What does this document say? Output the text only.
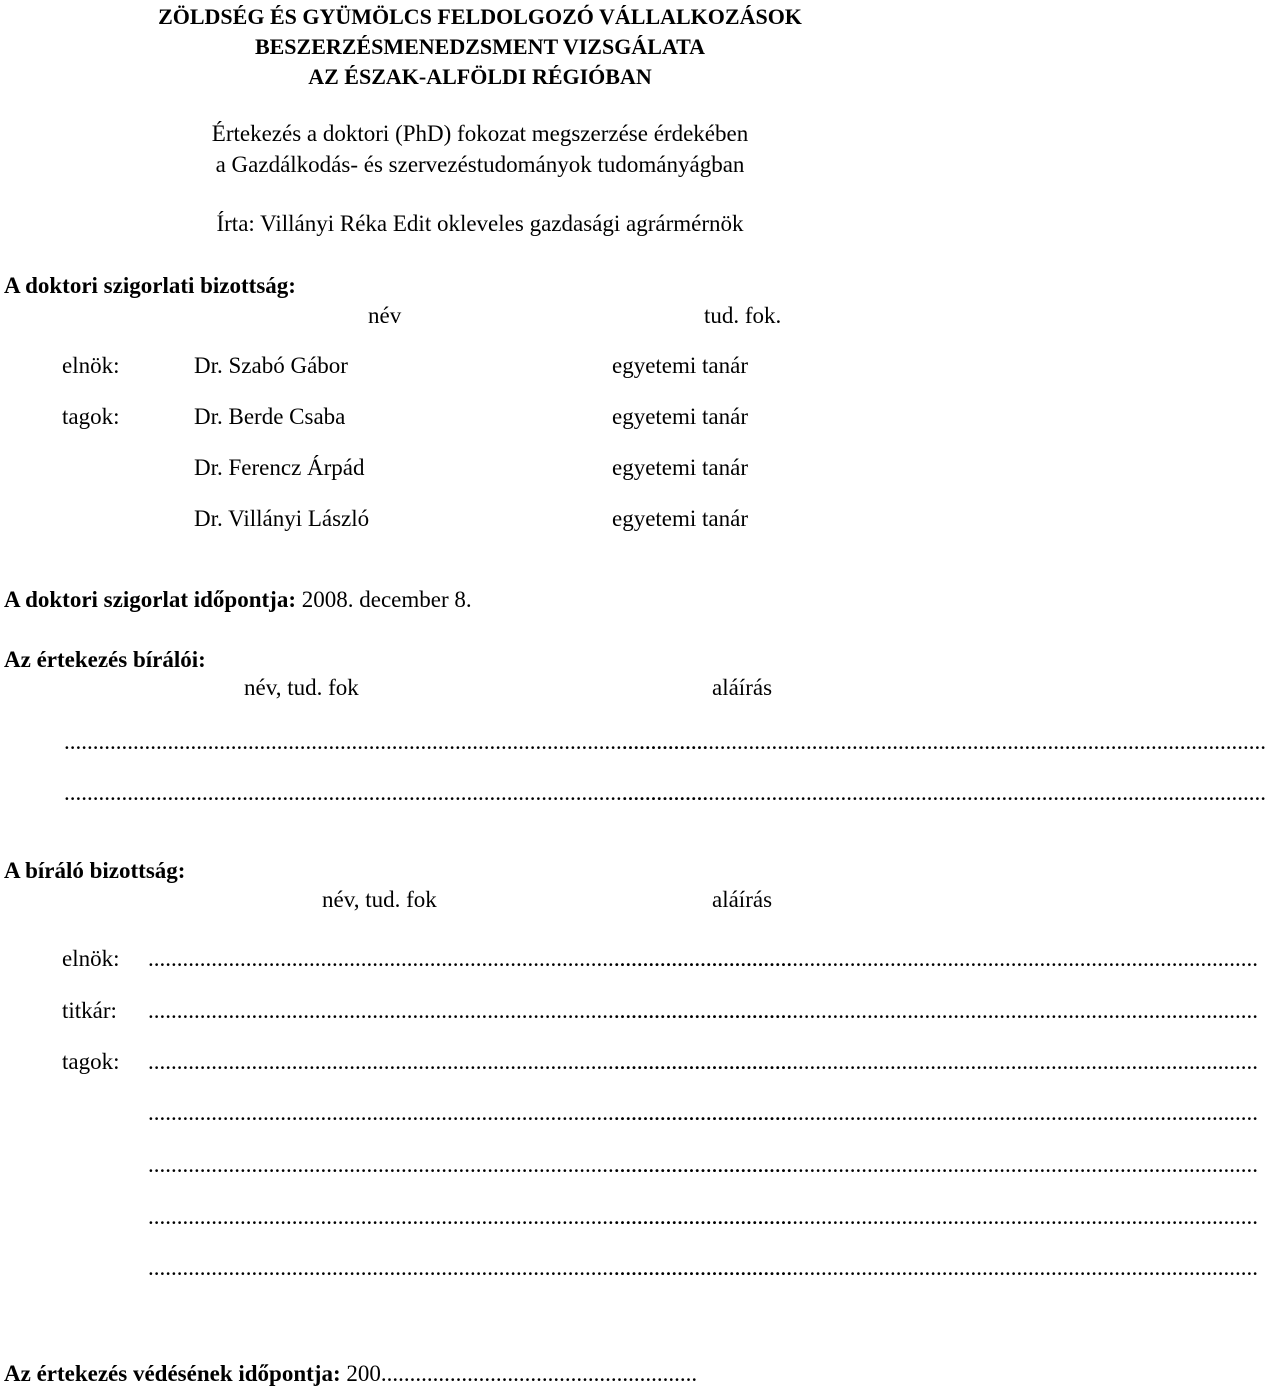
ZÖLDSÉG ÉS GYÜMÖLCS FELDOLGOZÓ VÁLLALKOZÁSOK
BESZERZÉSMENEDZSMENT VIZSGÁLATA
AZ ÉSZAK-ALFÖLDI RÉGIÓBAN
Értekezés a doktori (PhD) fokozat megszerzése érdekében
a Gazdálkodás- és szervezéstudományok tudományágban
Írta: Villányi Réka Edit okleveles gazdasági agrármérnök
A doktori szigorlati bizottság:
név	tud. fok.
elnök:	Dr. Szabó Gábor	egyetemi tanár
tagok:	Dr. Berde Csaba	egyetemi tanár
Dr. Ferencz Árpád	egyetemi tanár
Dr. Villányi László	egyetemi tanár
A doktori szigorlat időpontja: 2008. december 8.
Az értekezés bírálói:
név, tud. fok	aláírás
................................................................................................................
................................................................................................................
................................................................................................................
................................................................................................................
A bíráló bizottság:
név, tud. fok	aláírás
elnök: ................................................................................................................
................................................................................................................
titkár: ................................................................................................................
................................................................................................................
tagok: ................................................................................................................
................................................................................................................
................................................................................................................
................................................................................................................
................................................................................................................
................................................................................................................
................................................................................................................
................................................................................................................
................................................................................................................
................................................................................................................
Az értekezés védésének időpontja: 200.......................................................
